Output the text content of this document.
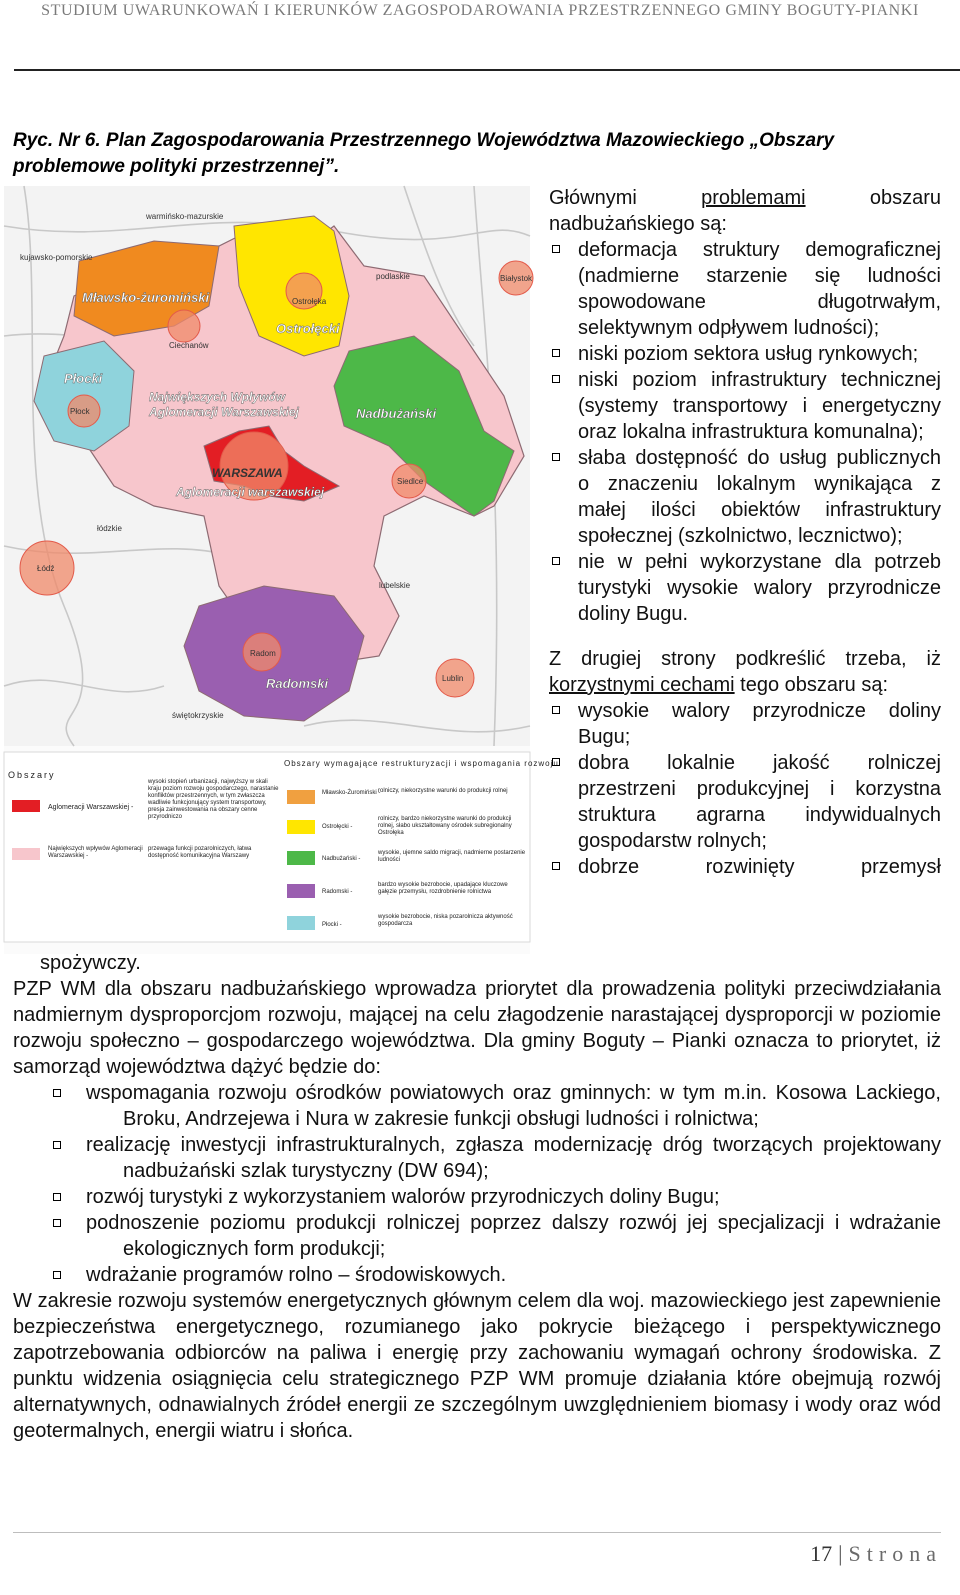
STUDIUM UWARUNKOWAŃ I KIERUNKÓW ZAGOSPODAROWANIA PRZESTRZENNEGO GMINY BOGUTY-PIANKI
Ryc. Nr 6. Plan Zagospodarowania Przestrzennego Województwa Mazowieckiego „Obszary problemowe polityki przestrzennej”.
Mławsko-żuromiński
Ostrołęcki
Płocki
Największych Wpływów
Aglomeracji Warszawskiej	Nadbużański
WARSZAWA
Aglomeracji warszawskiej
Radomski
Radom
Łódź
Lublin
Białystok
Siedlce
Ciechanów
Ostrołęka
Płock
warmińsko-mazurskie
kujawsko-pomorskie
podlaskie
łódzkie
lubelskie
świętokrzyskie
Obszary
Obszary wymagające restrukturyzacji i wspomagania rozwoju
Aglomeracji Warszawskiej -
wysoki stopień urbanizacji, najwyższy w skali kraju poziom rozwoju gospodarczego, narastanie konfliktów przestrzennych, w tym zwłaszcza wadliwie funkcjonujący system transportowy, presja zainwestowania na obszary cenne przyrodniczo
Największych wpływów Aglomeracji Warszawskiej -
przewaga funkcji pozarolniczych, łatwa dostępność komunikacyjna Warszawy
Mławsko-Żuromiński -
rolniczy, niekorzystne warunki do produkcji rolnej
Ostrołęcki -
rolniczy, bardzo niekorzystne warunki do produkcji rolnej, słabo ukształtowany ośrodek subregionalny Ostrołęka
Nadbużański -
wysokie, ujemne saldo migracji, nadmierne postarzenie ludności
Radomski -
bardzo wysokie bezrobocie, upadające kluczowe gałęzie przemysłu, rozdrobnienie rolnictwa
Płocki -
wysokie bezrobocie, niska pozarolnicza aktywność gospodarcza
Głównymi	problemami	obszaru
nadbużańskiego są:
deformacja struktury demograficznej (nadmierne starzenie się ludności spowodowane długotrwałym, selektywnym odpływem ludności);
niski poziom sektora usług rynkowych;
niski poziom infrastruktury technicznej (systemy transportowy i energetyczny oraz lokalna infrastruktura komunalna);
słaba dostępność do usług publicznych o znaczeniu lokalnym wynikająca z małej ilości obiektów infrastruktury społecznej (szkolnictwo, lecznictwo);
nie w pełni wykorzystane dla potrzeb turystyki wysokie walory przyrodnicze doliny Bugu.
Z drugiej strony podkreślić trzeba, iż
korzystnymi cechami tego obszaru są:
wysokie walory przyrodnicze doliny Bugu;
dobra lokalnie jakość rolniczej przestrzeni produkcyjnej i korzystna struktura agrarna indywidualnych gospodarstw rolnych;
dobrze rozwinięty przemysł

spożywczy.

PZP WM dla obszaru nadbużańskiego wprowadza priorytet dla prowadzenia polityki przeciwdziałania nadmiernym dysproporcjom rozwoju, mającej na celu złagodzenie narastającej dysproporcji w poziomie rozwoju społeczno – gospodarczego województwa. Dla gminy Boguty – Pianki oznacza to priorytet, iż samorząd województwa dążyć będzie do:

wspomagania rozwoju ośrodków powiatowych oraz gminnych: w tym m.in. Kosowa Lackiego, Broku, Andrzejewa i Nura w zakresie funkcji obsługi ludności i rolnictwa;
realizację inwestycji infrastrukturalnych, zgłasza modernizację dróg tworzących projektowany nadbużański szlak turystyczny (DW 694);
rozwój turystyki z wykorzystaniem walorów przyrodniczych doliny Bugu;
podnoszenie poziomu produkcji rolniczej poprzez dalszy rozwój jej specjalizacji i wdrażanie ekologicznych form produkcji;
wdrażanie programów rolno – środowiskowych.

W zakresie rozwoju systemów energetycznych głównym celem dla woj. mazowieckiego jest zapewnienie bezpieczeństwa energetycznego, rozumianego jako pokrycie bieżącego i perspektywicznego zapotrzebowania odbiorców na paliwa i energię przy zachowaniu wymagań ochrony środowiska. Z punktu widzenia osiągnięcia celu strategicznego PZP WM promuje działania które obejmują rozwój alternatywnych, odnawialnych źródeł energii ze szczególnym uwzględnieniem biomasy i wody oraz wód geotermalnych, energii wiatru i słońca.

17 | Strona
